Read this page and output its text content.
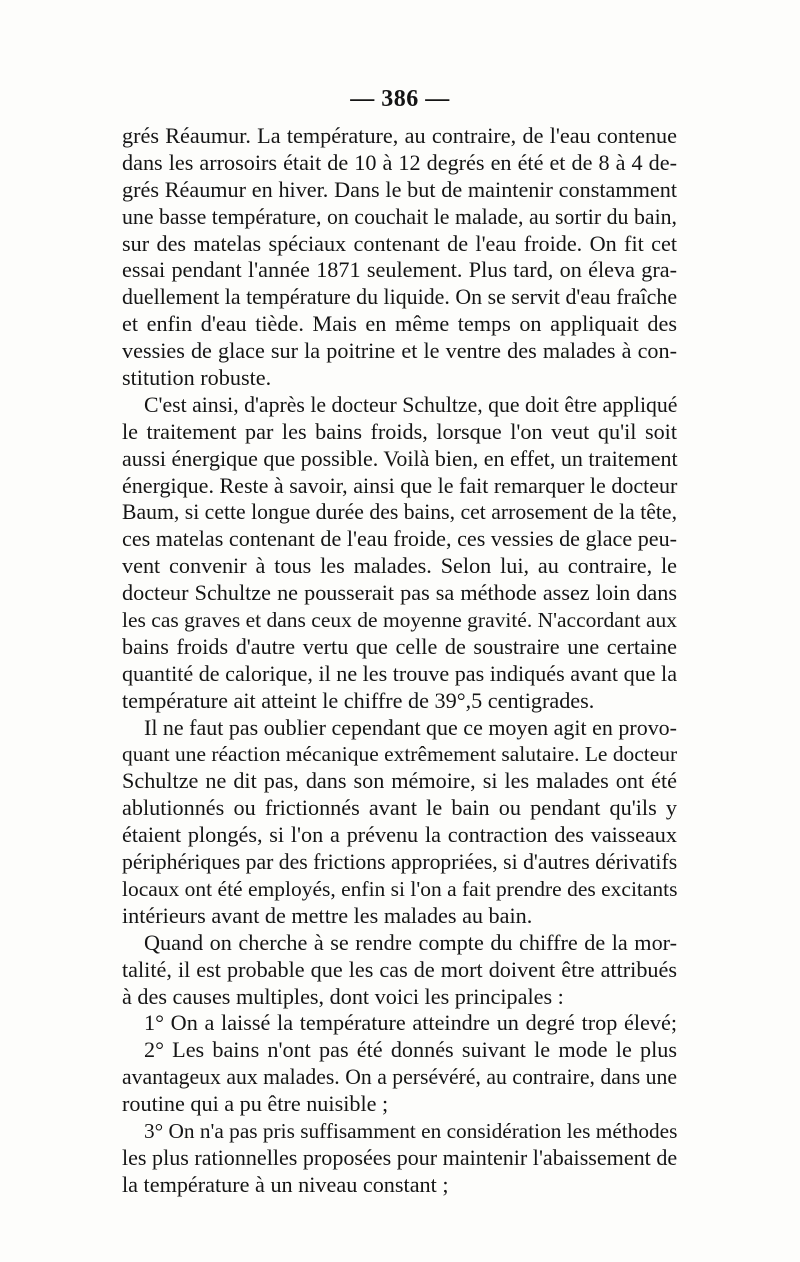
— 386 —
grés Réaumur. La température, au contraire, de l'eau contenue
dans les arrosoirs était de 10 à 12 degrés en été et de 8 à 4 de-
grés Réaumur en hiver. Dans le but de maintenir constamment
une basse température, on couchait le malade, au sortir du bain,
sur des matelas spéciaux contenant de l'eau froide. On fit cet
essai pendant l'année 1871 seulement. Plus tard, on éleva gra-
duellement la température du liquide. On se servit d'eau fraîche
et enfin d'eau tiède. Mais en même temps on appliquait des
vessies de glace sur la poitrine et le ventre des malades à con-
stitution robuste.
C'est ainsi, d'après le docteur Schultze, que doit être appliqué
le traitement par les bains froids, lorsque l'on veut qu'il soit
aussi énergique que possible. Voilà bien, en effet, un traitement
énergique. Reste à savoir, ainsi que le fait remarquer le docteur
Baum, si cette longue durée des bains, cet arrosement de la tête,
ces matelas contenant de l'eau froide, ces vessies de glace peu-
vent convenir à tous les malades. Selon lui, au contraire, le
docteur Schultze ne pousserait pas sa méthode assez loin dans
les cas graves et dans ceux de moyenne gravité. N'accordant aux
bains froids d'autre vertu que celle de soustraire une certaine
quantité de calorique, il ne les trouve pas indiqués avant que la
température ait atteint le chiffre de 39°,5 centigrades.
Il ne faut pas oublier cependant que ce moyen agit en provo-
quant une réaction mécanique extrêmement salutaire. Le docteur
Schultze ne dit pas, dans son mémoire, si les malades ont été
ablutionnés ou frictionnés avant le bain ou pendant qu'ils y
étaient plongés, si l'on a prévenu la contraction des vaisseaux
périphériques par des frictions appropriées, si d'autres dérivatifs
locaux ont été employés, enfin si l'on a fait prendre des excitants
intérieurs avant de mettre les malades au bain.
Quand on cherche à se rendre compte du chiffre de la mor-
talité, il est probable que les cas de mort doivent être attribués
à des causes multiples, dont voici les principales :
1° On a laissé la température atteindre un degré trop élevé;
2° Les bains n'ont pas été donnés suivant le mode le plus
avantageux aux malades. On a persévéré, au contraire, dans une
routine qui a pu être nuisible ;
3° On n'a pas pris suffisamment en considération les méthodes
les plus rationnelles proposées pour maintenir l'abaissement de
la température à un niveau constant ;
